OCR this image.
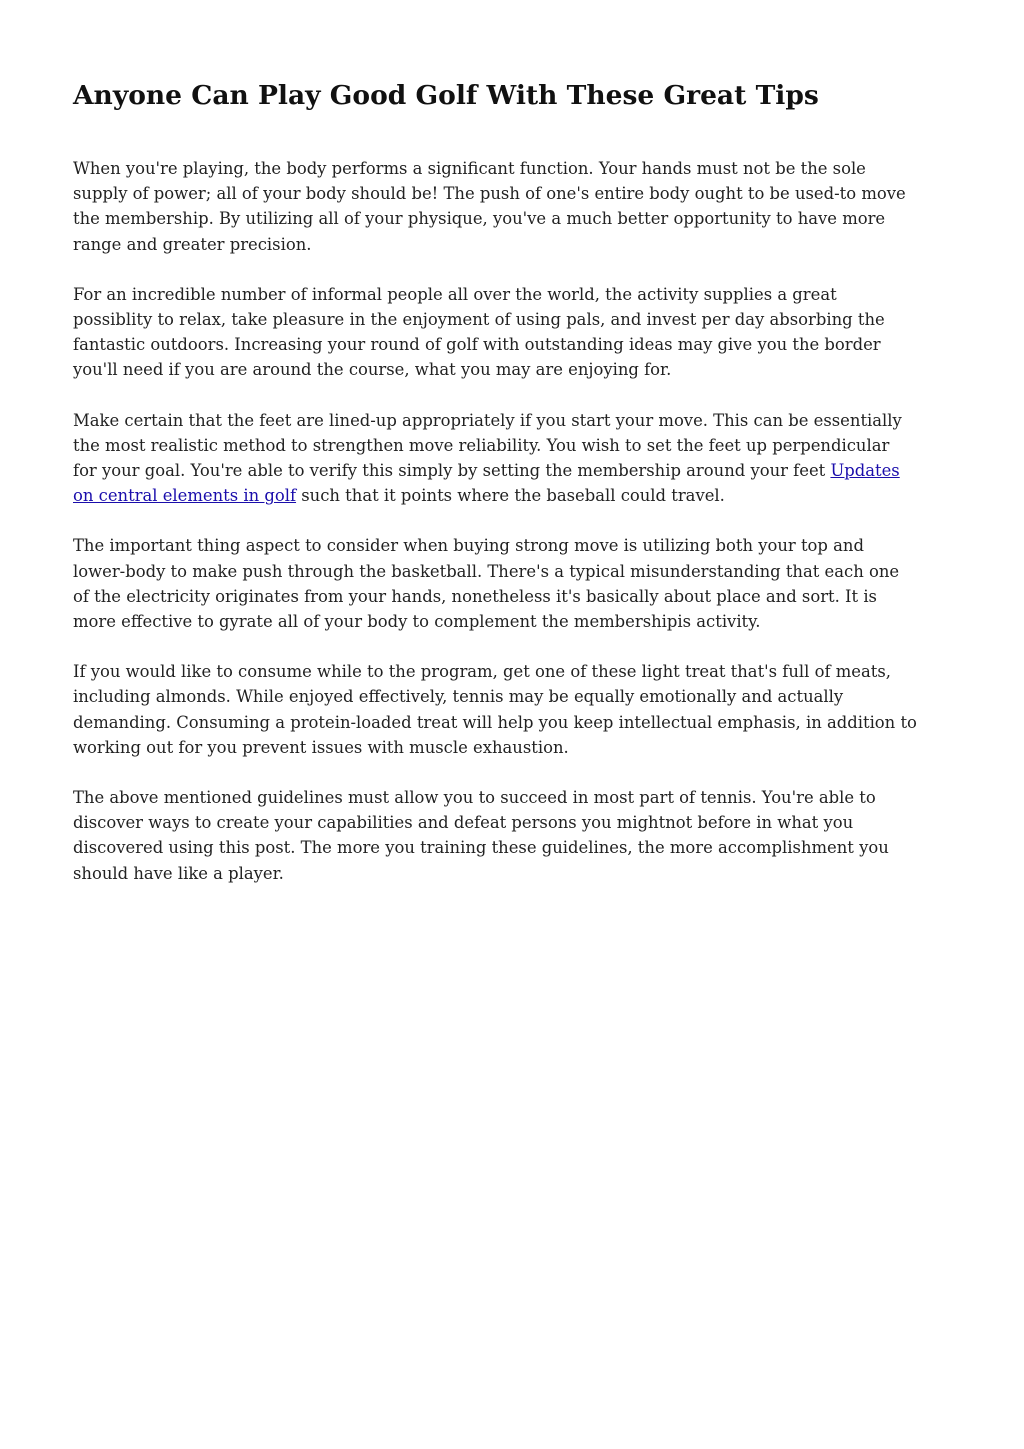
Anyone Can Play Good Golf With These Great Tips

When you're playing, the body performs a significant function. Your hands must not be the sole
supply of power; all of your body should be! The push of one's entire body ought to be used-to move
the membership. By utilizing all of your physique, you've a much better opportunity to have more
range and greater precision.

For an incredible number of informal people all over the world, the activity supplies a great
possiblity to relax, take pleasure in the enjoyment of using pals, and invest per day absorbing the
fantastic outdoors. Increasing your round of golf with outstanding ideas may give you the border
you'll need if you are around the course, what you may are enjoying for.

Make certain that the feet are lined-up appropriately if you start your move. This can be essentially
the most realistic method to strengthen move reliability. You wish to set the feet up perpendicular
for your goal. You're able to verify this simply by setting the membership around your feet Updates
on central elements in golf such that it points where the baseball could travel.

The important thing aspect to consider when buying strong move is utilizing both your top and
lower-body to make push through the basketball. There's a typical misunderstanding that each one
of the electricity originates from your hands, nonetheless it's basically about place and sort. It is
more effective to gyrate all of your body to complement the membershipis activity.

If you would like to consume while to the program, get one of these light treat that's full of meats,
including almonds. While enjoyed effectively, tennis may be equally emotionally and actually
demanding. Consuming a protein-loaded treat will help you keep intellectual emphasis, in addition to
working out for you prevent issues with muscle exhaustion.

The above mentioned guidelines must allow you to succeed in most part of tennis. You're able to
discover ways to create your capabilities and defeat persons you mightnot before in what you
discovered using this post. The more you training these guidelines, the more accomplishment you
should have like a player.
